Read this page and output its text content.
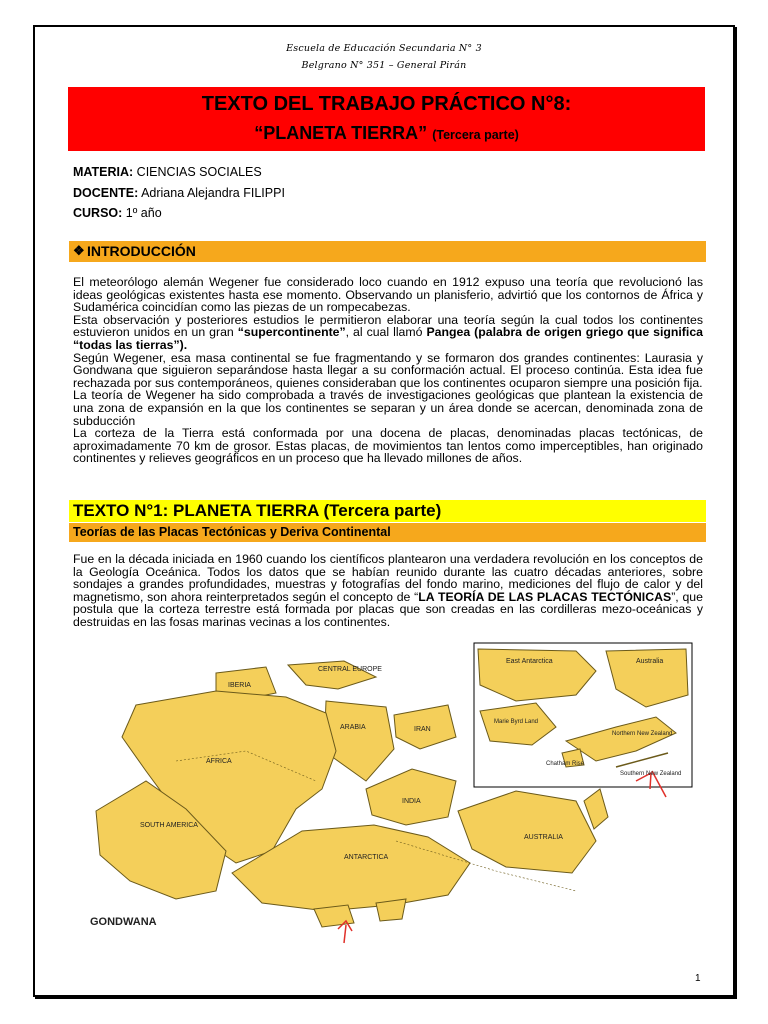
Escuela de Educación Secundaria N° 3
Belgrano N° 351 – General Pirán
TEXTO DEL TRABAJO PRÁCTICO N°8:
“PLANETA TIERRA” (Tercera parte)
MATERIA: CIENCIAS SOCIALES
DOCENTE: Adriana Alejandra FILIPPI
CURSO: 1º año
❖ INTRODUCCIÓN

El meteorólogo alemán Wegener fue considerado loco cuando en 1912 expuso una teoría que revolucionó las ideas geológicas existentes hasta ese momento. Observando un planisferio, advirtió que los contornos de África y Sudamérica coincidían como las piezas de un rompecabezas.

Esta observación y posteriores estudios le permitieron elaborar una teoría según la cual todos los continentes estuvieron unidos en un gran “supercontinente”, al cual llamó Pangea (palabra de origen griego que significa “todas las tierras”).

Según Wegener, esa masa continental se fue fragmentando y se formaron dos grandes continentes: Laurasia y Gondwana que siguieron separándose hasta llegar a su conformación actual. El proceso continúa. Esta idea fue rechazada por sus contemporáneos, quienes consideraban que los continentes ocuparon siempre una posición fija.

La teoría de Wegener ha sido comprobada a través de investigaciones geológicas que plantean la existencia de una zona de expansión en la que los continentes se separan y un área donde se acercan, denominada zona de subducción

La corteza de la Tierra está conformada por una docena de placas, denominadas placas tectónicas, de aproximadamente 70 km de grosor. Estas placas, de movimientos tan lentos como imperceptibles, han originado continentes y relieves geográficos en un proceso que ha llevado millones de años.

TEXTO N°1: PLANETA TIERRA (Tercera parte)
Teorías de las Placas Tectónicas y Deriva Continental

Fue en la década iniciada en 1960 cuando los científicos plantearon una verdadera revolución en los conceptos de la Geología Oceánica. Todos los datos que se habían reunido durante las cuatro décadas anteriores, sobre sondajes a grandes profundidades, muestras y fotografías del fondo marino, mediciones del flujo de calor y del magnetismo, son ahora reinterpretados según el concepto de “LA TEORÍA DE LAS PLACAS TECTÓNICAS”, que postula que la corteza terrestre está formada por placas que son creadas en las cordilleras mezo-oceánicas y destruidas en las fosas marinas vecinas a los continentes.

CENTRAL EUROPE
IBERIA
ARABIA	IRAN
AFRICA
SOUTH AMERICA
INDIA
AUSTRALIA
ANTARCTICA
GONDWANA
East Antarctica	Australia
Marie Byrd Land
Northern New Zealand
Chatham Rise
Southern New Zealand
1
